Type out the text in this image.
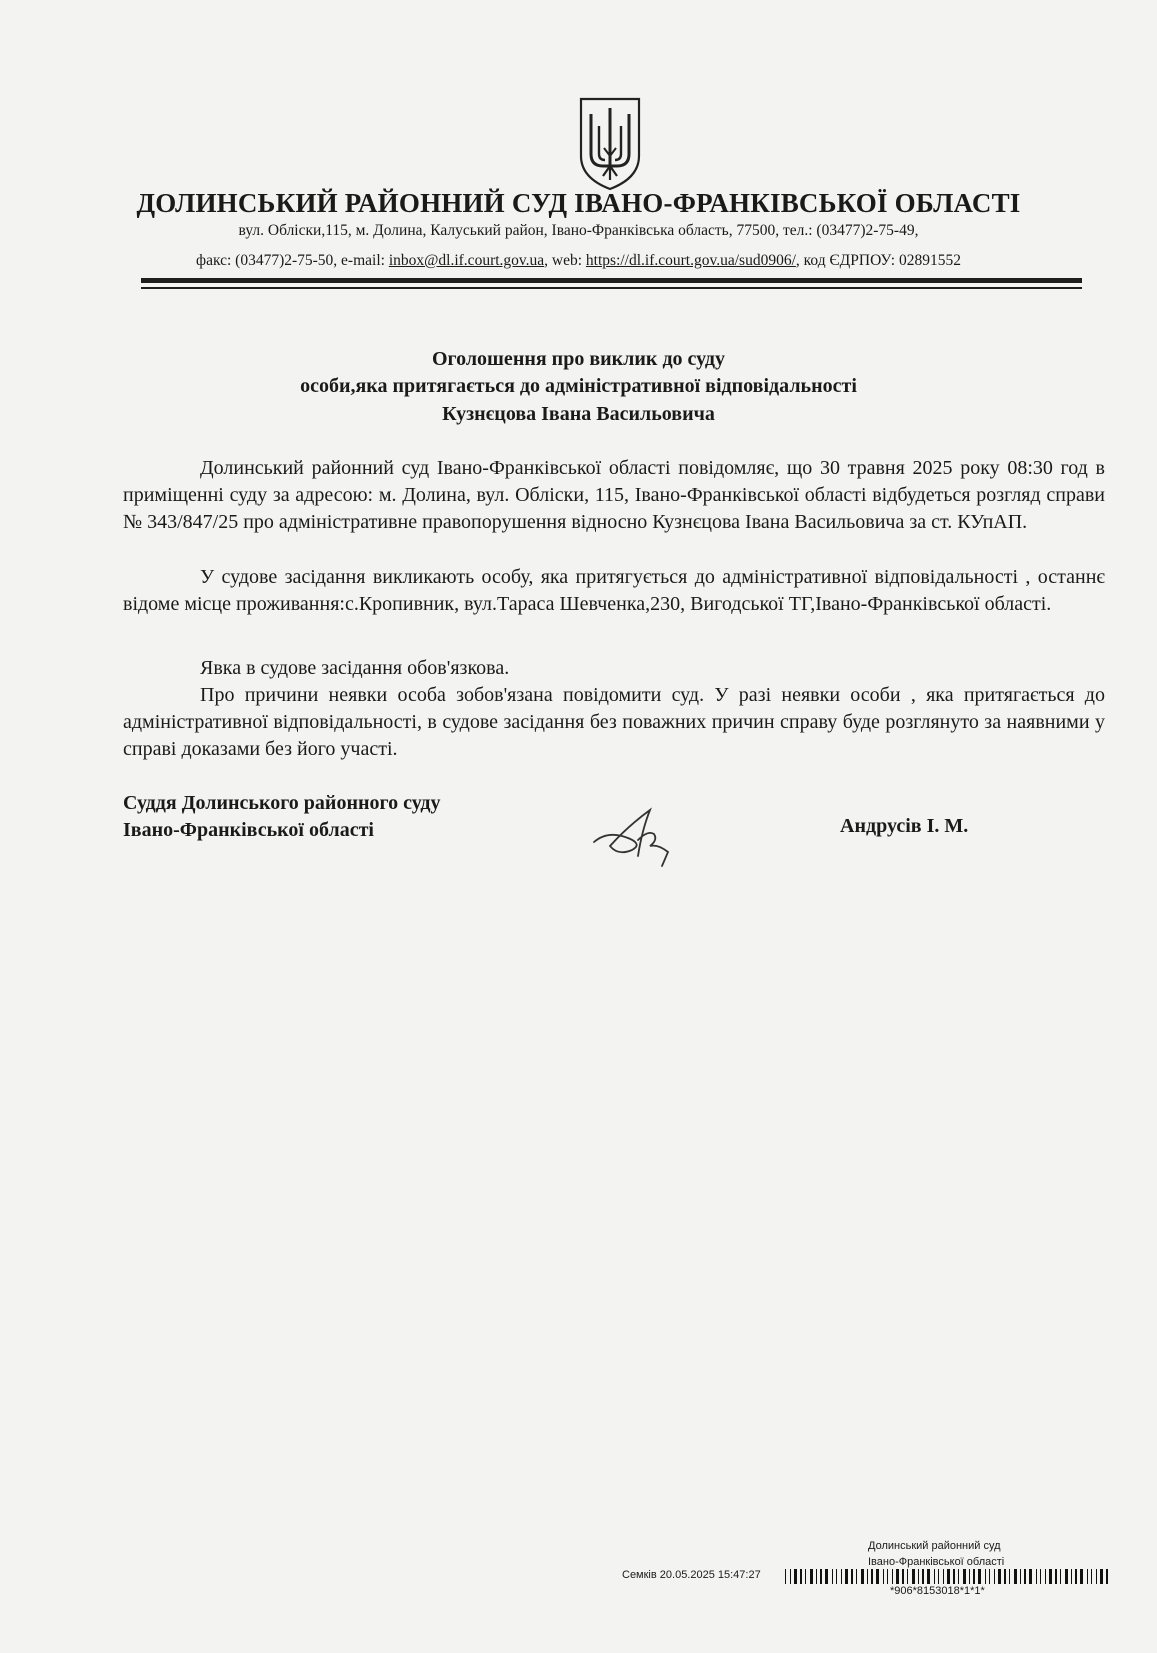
ДОЛИНСЬКИЙ РАЙОННИЙ СУД ІВАНО-ФРАНКІВСЬКОЇ ОБЛАСТІ
вул. Обліски,115, м. Долина, Калуський район, Івано-Франківська область, 77500, тел.: (03477)2-75-49,
факс: (03477)2-75-50, e-mail: inbox@dl.if.court.gov.ua, web: https://dl.if.court.gov.ua/sud0906/, код ЄДРПОУ: 02891552
Оголошення про виклик до суду
особи,яка притягається до адміністративної відповідальності
Кузнєцова Івана Васильовича

Долинський районний суд Івано-Франківської області повідомляє, що 30 травня 2025 року 08:30 год в приміщенні суду за адресою: м. Долина, вул. Обліски, 115, Івано-Франківської області відбудеться розгляд справи № 343/847/25 про адміністративне правопорушення відносно Кузнєцова Івана Васильовича за ст. КУпАП.

У судове засідання викликають особу, яка притягується до адміністративної відповідальності , останнє відоме місце проживання:с.Кропивник, вул.Тараса Шевченка,230, Вигодської ТГ,Івано-Франківської області.

Явка в судове засідання обов'язкова.

Про причини неявки особа зобов'язана повідомити суд. У разі неявки особи , яка притягається до адміністративної відповідальності, в судове засідання без поважних причин справу буде розглянуто за наявними у справі доказами без його участі.

Суддя Долинського районного суду
Івано-Франківської області	Андрусів І. М.
Долинський районний суд
Івано-Франківської області
Семків 20.05.2025 15:47:27
*906*8153018*1*1*
